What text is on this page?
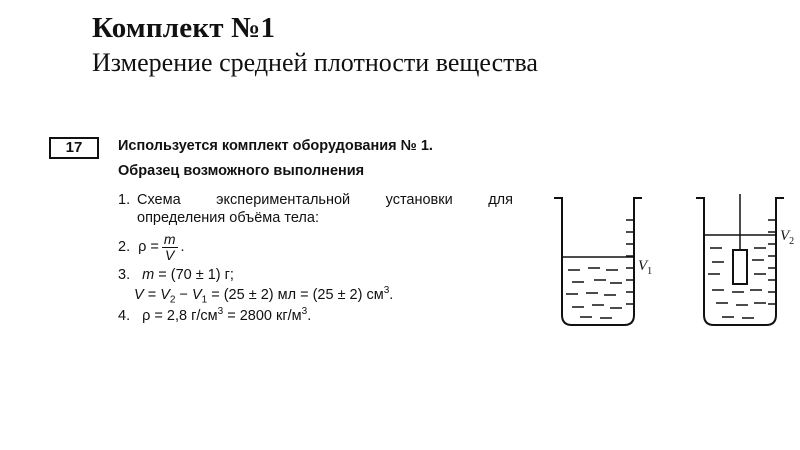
Комплект №1
Измерение средней плотности вещества
17	Используется комплект оборудования № 1.
Образец возможного выполнения
1. Схема экспериментальной установки для
определения объёма тела:
2. $\rho = \frac{m}{V}$ .
3. m = (70 ± 1) г;
$V = V_2 - V_1 = (25 \pm 2)$ мл = (25 ± 2) $см^3$.
4. ρ = 2,8 $г/см^3 = 2800$ $кг/м^3$.
$V_1$
$V_2$
